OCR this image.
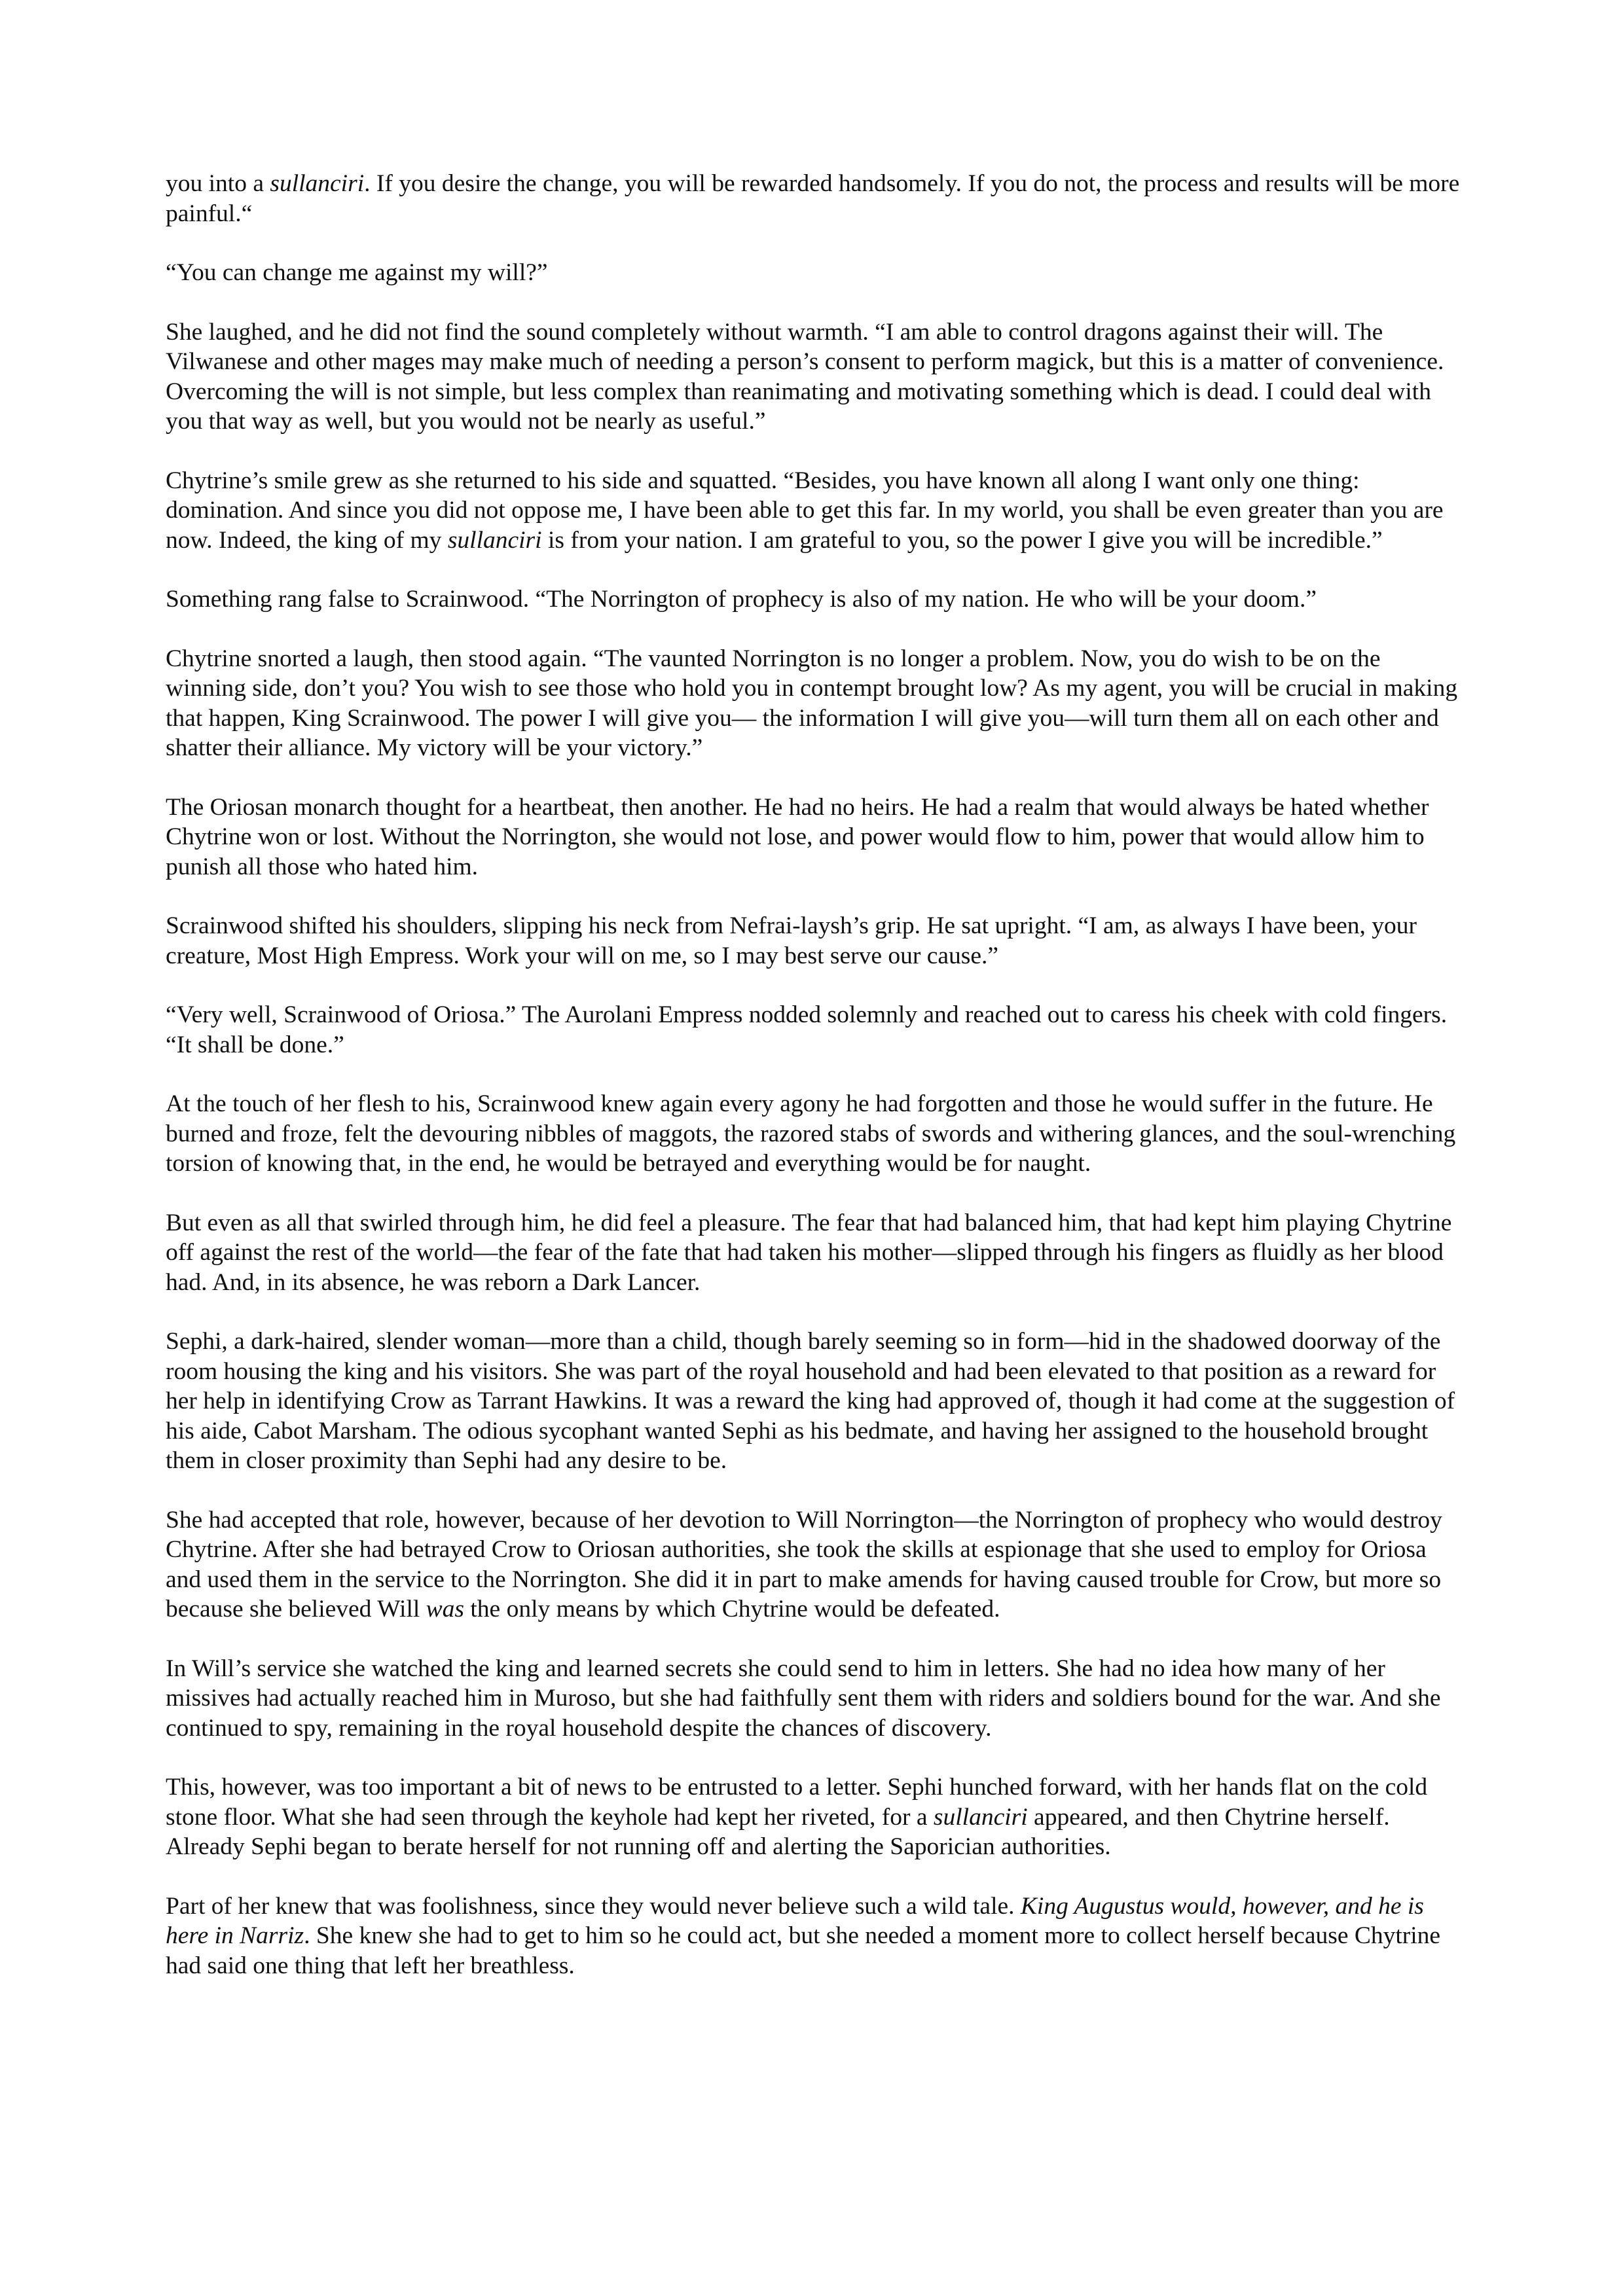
you into a sullanciri. If you desire the change, you will be rewarded handsomely. If you do not, the process and results will be more painful.“

“You can change me against my will?”

She laughed, and he did not find the sound completely without warmth. “I am able to control dragons against their will. The Vilwanese and other mages may make much of needing a person’s consent to perform magick, but this is a matter of convenience. Overcoming the will is not simple, but less complex than reanimating and motivating something which is dead. I could deal with you that way as well, but you would not be nearly as useful.”

Chytrine’s smile grew as she returned to his side and squatted. “Besides, you have known all along I want only one thing: domination. And since you did not oppose me, I have been able to get this far. In my world, you shall be even greater than you are now. Indeed, the king of my sullanciri is from your nation. I am grateful to you, so the power I give you will be incredible.”

Something rang false to Scrainwood. “The Norrington of prophecy is also of my nation. He who will be your doom.”

Chytrine snorted a laugh, then stood again. “The vaunted Norrington is no longer a problem. Now, you do wish to be on the winning side, don’t you? You wish to see those who hold you in contempt brought low? As my agent, you will be crucial in making that happen, King Scrainwood. The power I will give you— the information I will give you—will turn them all on each other and shatter their alliance. My victory will be your victory.”

The Oriosan monarch thought for a heartbeat, then another. He had no heirs. He had a realm that would always be hated whether Chytrine won or lost. Without the Norrington, she would not lose, and power would flow to him, power that would allow him to punish all those who hated him.

Scrainwood shifted his shoulders, slipping his neck from Nefrai-laysh’s grip. He sat upright. “I am, as always I have been, your creature, Most High Empress. Work your will on me, so I may best serve our cause.”

“Very well, Scrainwood of Oriosa.” The Aurolani Empress nodded solemnly and reached out to caress his cheek with cold fingers. “It shall be done.”

At the touch of her flesh to his, Scrainwood knew again every agony he had forgotten and those he would suffer in the future. He burned and froze, felt the devouring nibbles of maggots, the razored stabs of swords and withering glances, and the soul-wrenching torsion of knowing that, in the end, he would be betrayed and everything would be for naught.

But even as all that swirled through him, he did feel a pleasure. The fear that had balanced him, that had kept him playing Chytrine off against the rest of the world—the fear of the fate that had taken his mother—slipped through his fingers as fluidly as her blood had. And, in its absence, he was reborn a Dark Lancer.

Sephi, a dark-haired, slender woman—more than a child, though barely seeming so in form—hid in the shadowed doorway of the room housing the king and his visitors. She was part of the royal household and had been elevated to that position as a reward for her help in identifying Crow as Tarrant Hawkins. It was a reward the king had approved of, though it had come at the suggestion of his aide, Cabot Marsham. The odious sycophant wanted Sephi as his bedmate, and having her assigned to the household brought them in closer proximity than Sephi had any desire to be.

She had accepted that role, however, because of her devotion to Will Norrington—the Norrington of prophecy who would destroy Chytrine. After she had betrayed Crow to Oriosan authorities, she took the skills at espionage that she used to employ for Oriosa and used them in the service to the Norrington. She did it in part to make amends for having caused trouble for Crow, but more so because she believed Will was the only means by which Chytrine would be defeated.

In Will’s service she watched the king and learned secrets she could send to him in letters. She had no idea how many of her missives had actually reached him in Muroso, but she had faithfully sent them with riders and soldiers bound for the war. And she continued to spy, remaining in the royal household despite the chances of discovery.

This, however, was too important a bit of news to be entrusted to a letter. Sephi hunched forward, with her hands flat on the cold stone floor. What she had seen through the keyhole had kept her riveted, for a sullanciri appeared, and then Chytrine herself. Already Sephi began to berate herself for not running off and alerting the Saporician authorities.

Part of her knew that was foolishness, since they would never believe such a wild tale. King Augustus would, however, and he is here in Narriz. She knew she had to get to him so he could act, but she needed a moment more to collect herself because Chytrine had said one thing that left her breathless.
